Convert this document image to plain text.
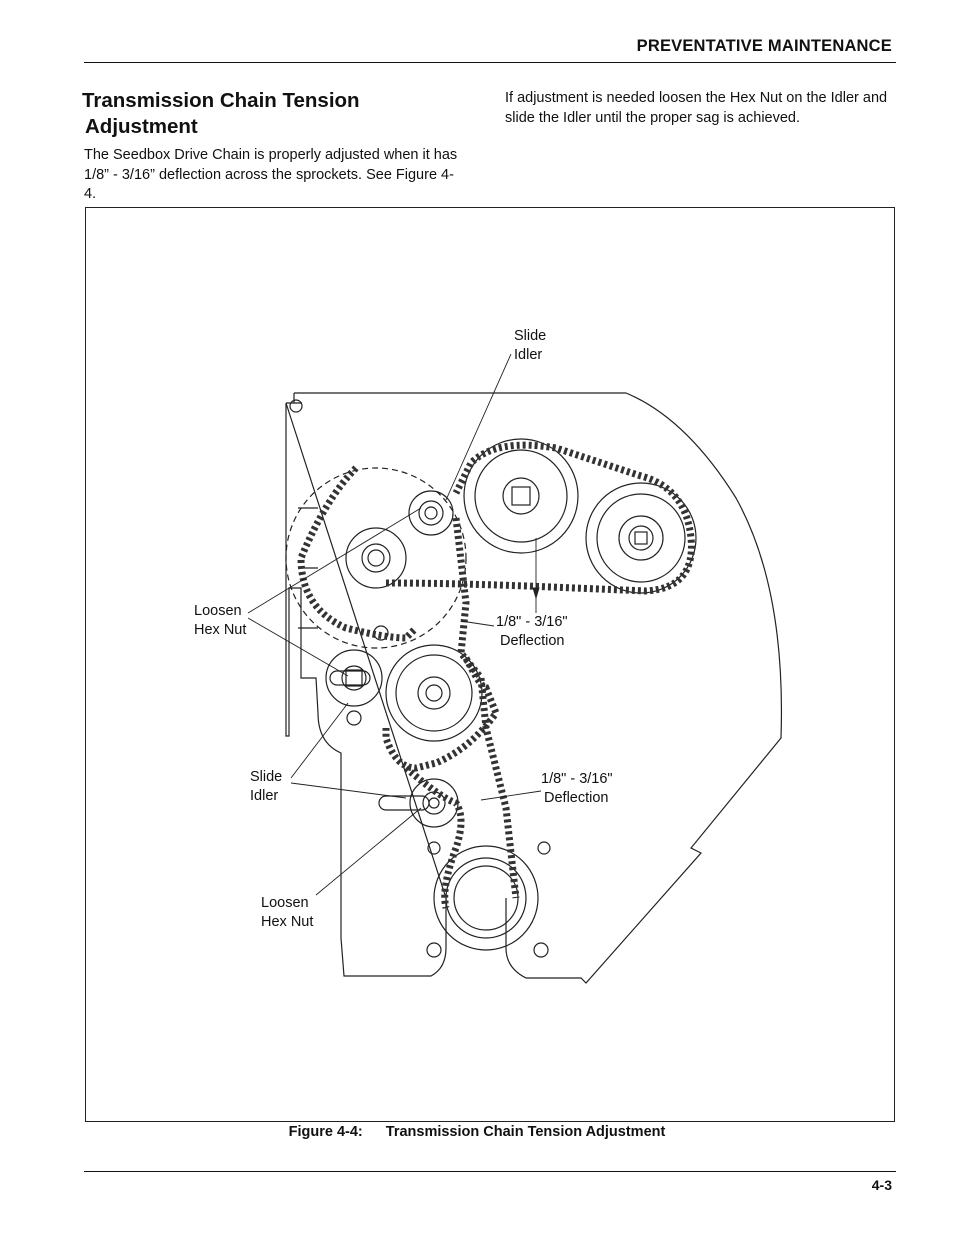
PREVENTATIVE MAINTENANCE
Transmission Chain Tension
Adjustment
The Seedbox Drive Chain is properly adjusted when it has 1/8” - 3/16” deflection across the sprockets. See Figure 4-4.
If adjustment is needed loosen the Hex Nut on the Idler and slide the Idler until the proper sag is achieved.
Slide
Idler
Loosen
Hex Nut	1/8" - 3/16"
Deflection
Slide
Idler
1/8" - 3/16"
Deflection
Loosen
Hex Nut
Figure 4-4: Transmission Chain Tension Adjustment
4-3
